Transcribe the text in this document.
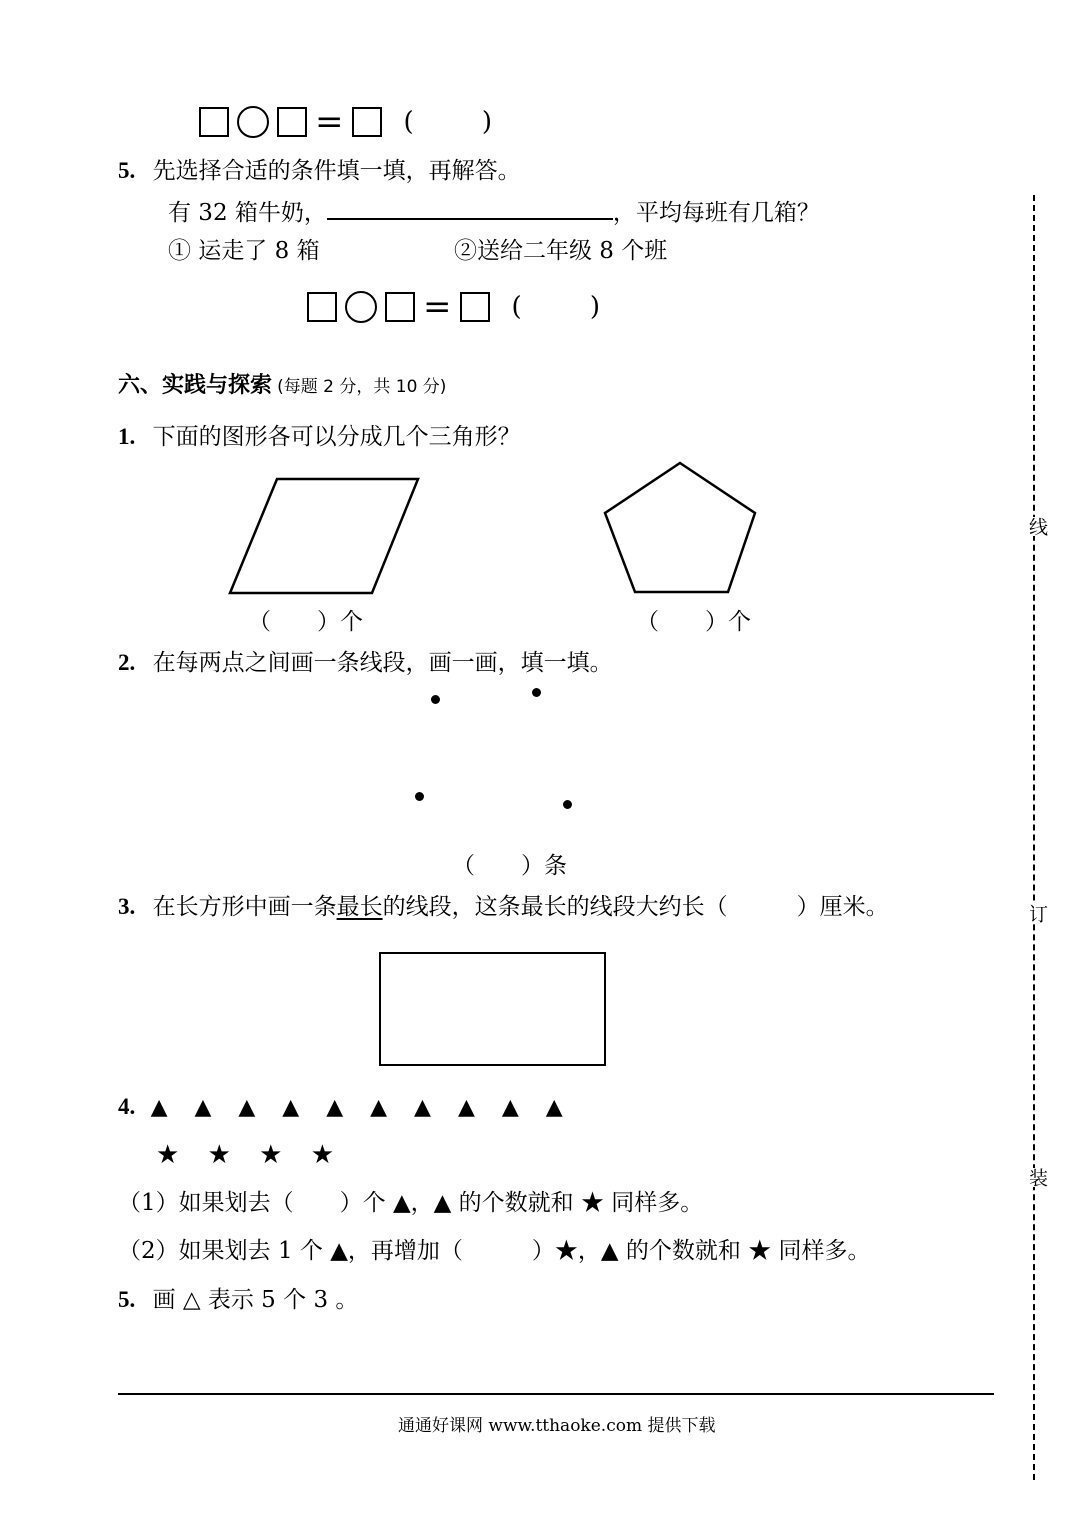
= ( )
5. 先选择合适的条件填一填，再解答。
有 32 箱牛奶，	，平均每班有几箱？
① 运走了 8 箱	②送给二年级 8 个班
= ( )
六、实践与探索 (每题 2 分，共 10 分)
1. 下面的图形各可以分成几个三角形？
（　　）个	（　　）个
2. 在每两点之间画一条线段，画一画，填一填。
（　　）条
3. 在长方形中画一条最长的线段，这条最长的线段大约长（　　　）厘米。
4. ▲ ▲ ▲ ▲ ▲ ▲ ▲ ▲ ▲ ▲
★ ★ ★ ★
（1）如果划去（　　）个 ▲，▲ 的个数就和 ★ 同样多。
（2）如果划去 1 个 ▲，再增加（　　　）★，▲ 的个数就和 ★ 同样多。
5. 画 △ 表示 5 个 3 。
通通好课网 www.tthaoke.com 提供下载
线
订
装
